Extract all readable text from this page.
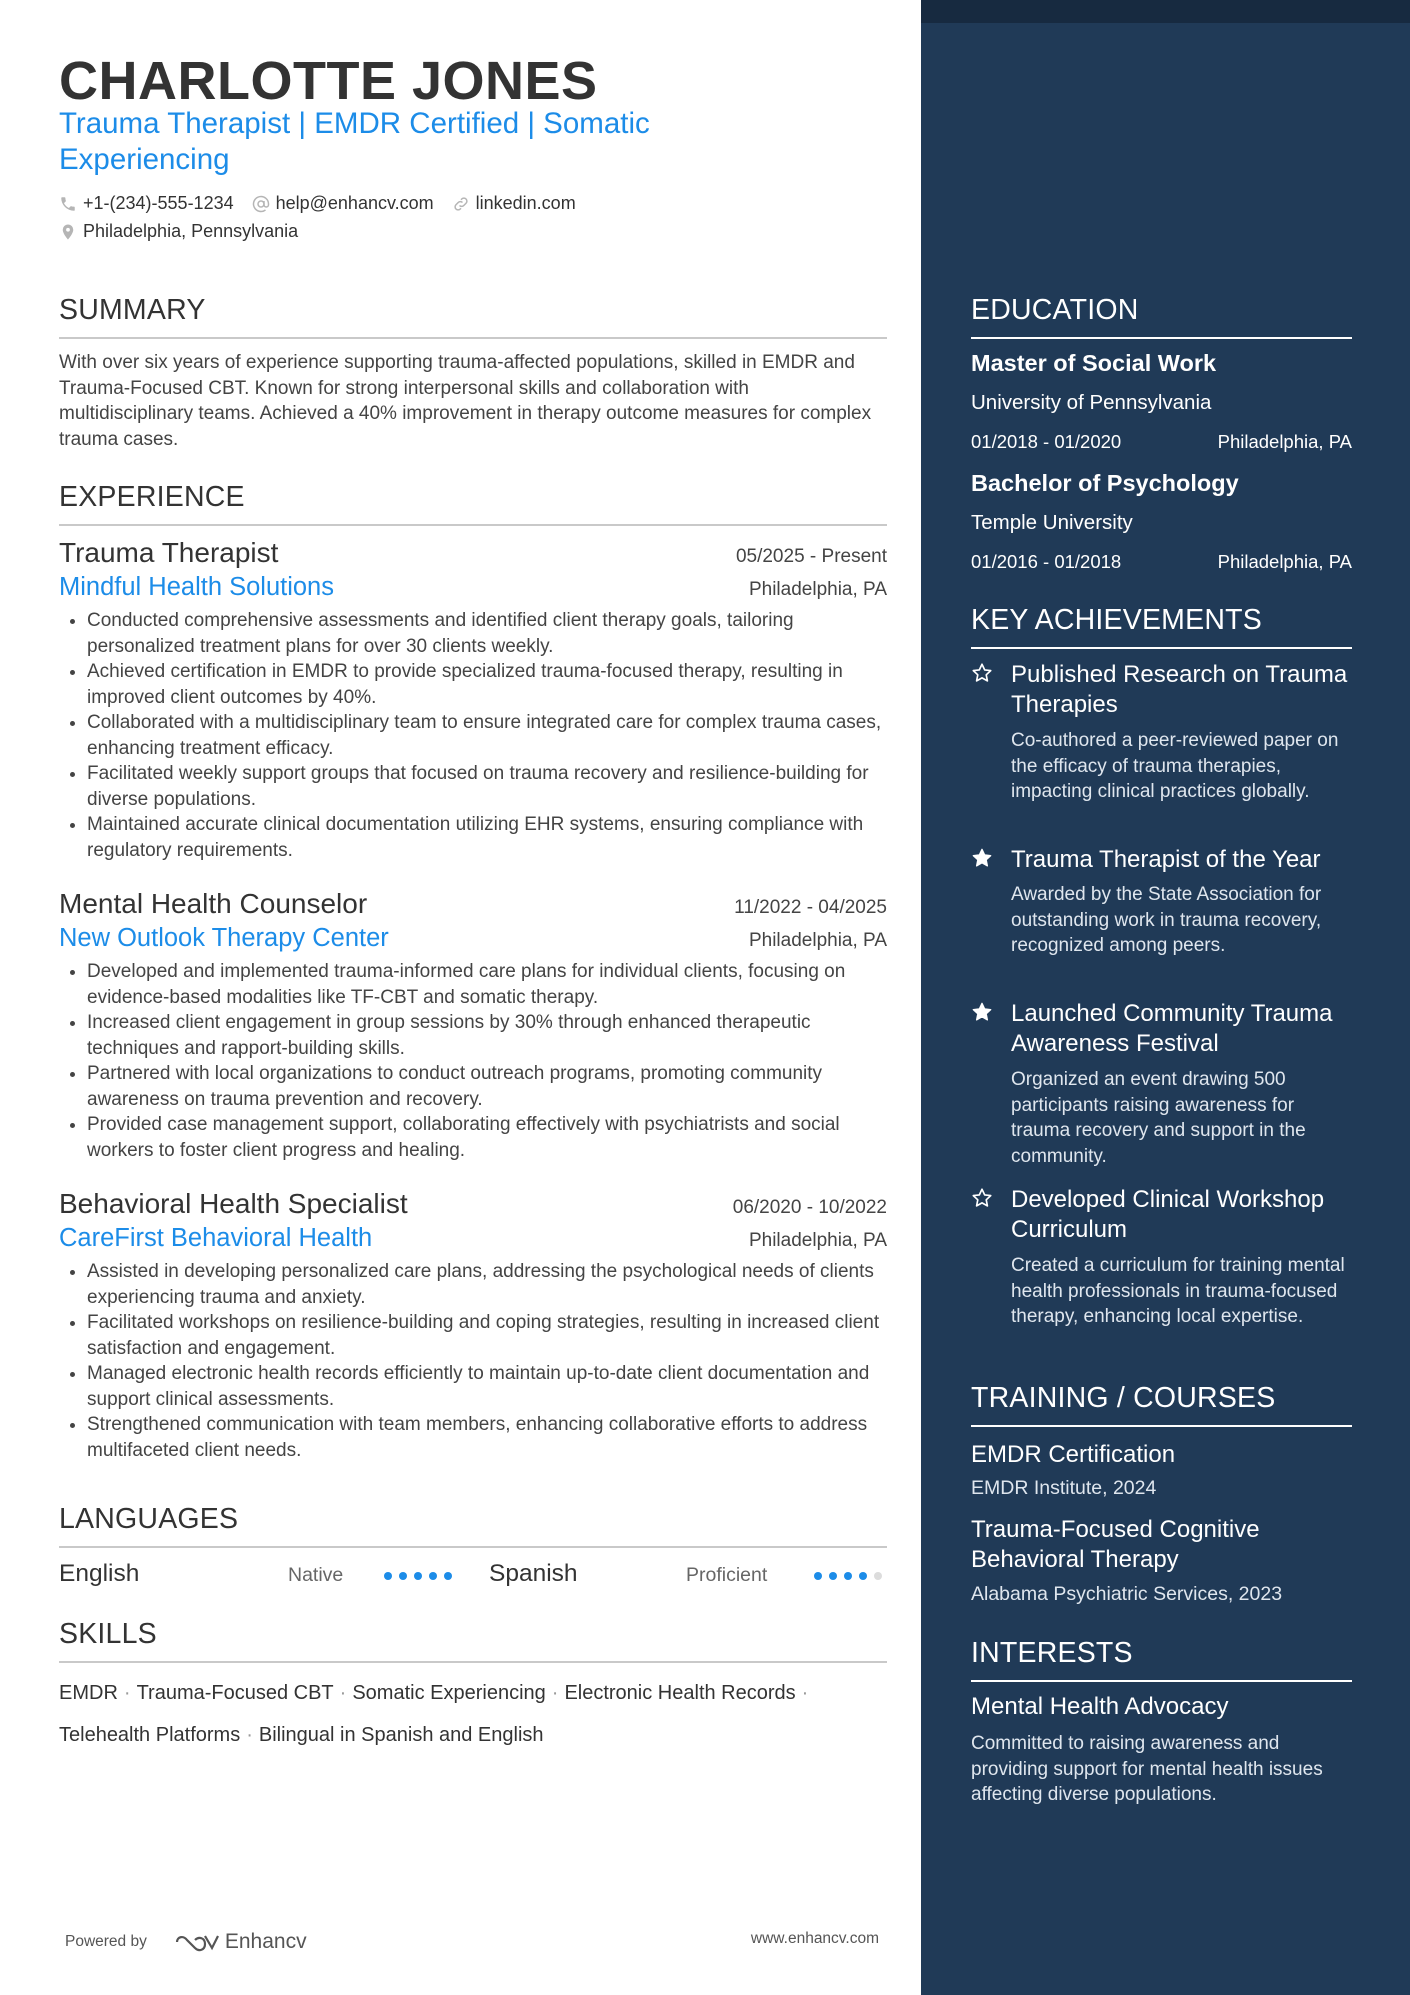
CHARLOTTE JONES
Trauma Therapist | EMDR Certified | Somatic Experiencing
+1-(234)-555-1234 help@enhancv.com linkedin.com
Philadelphia, Pennsylvania
SUMMARY

With over six years of experience supporting trauma-affected populations, skilled in EMDR and Trauma-Focused CBT. Known for strong interpersonal skills and collaboration with multidisciplinary teams. Achieved a 40% improvement in therapy outcome measures for complex trauma cases.

EXPERIENCE
Trauma Therapist	05/2025 - Present
Mindful Health Solutions	Philadelphia, PA
• Conducted comprehensive assessments and identified client therapy goals, tailoring personalized treatment plans for over 30 clients weekly.
• Achieved certification in EMDR to provide specialized trauma-focused therapy, resulting in improved client outcomes by 40%.
• Collaborated with a multidisciplinary team to ensure integrated care for complex trauma cases, enhancing treatment efficacy.
• Facilitated weekly support groups that focused on trauma recovery and resilience-building for diverse populations.
• Maintained accurate clinical documentation utilizing EHR systems, ensuring compliance with regulatory requirements.
Mental Health Counselor	11/2022 - 04/2025
New Outlook Therapy Center	Philadelphia, PA
• Developed and implemented trauma-informed care plans for individual clients, focusing on evidence-based modalities like TF-CBT and somatic therapy.
• Increased client engagement in group sessions by 30% through enhanced therapeutic techniques and rapport-building skills.
• Partnered with local organizations to conduct outreach programs, promoting community awareness on trauma prevention and recovery.
• Provided case management support, collaborating effectively with psychiatrists and social workers to foster client progress and healing.
Behavioral Health Specialist	06/2020 - 10/2022
CareFirst Behavioral Health	Philadelphia, PA
• Assisted in developing personalized care plans, addressing the psychological needs of clients experiencing trauma and anxiety.
• Facilitated workshops on resilience-building and coping strategies, resulting in increased client satisfaction and engagement.
• Managed electronic health records efficiently to maintain up-to-date client documentation and support clinical assessments.
• Strengthened communication with team members, enhancing collaborative efforts to address multifaceted client needs.
LANGUAGES
English	Native	Spanish	Proficient
SKILLS
EMDR · Trauma-Focused CBT · Somatic Experiencing · Electronic Health Records ·
Telehealth Platforms · Bilingual in Spanish and English
Powered by	Enhancv	www.enhancv.com
EDUCATION
Master of Social Work
University of Pennsylvania
01/2018 - 01/2020	Philadelphia, PA
Bachelor of Psychology
Temple University
01/2016 - 01/2018	Philadelphia, PA
KEY ACHIEVEMENTS
Published Research on Trauma Therapies
Co-authored a peer-reviewed paper on the efficacy of trauma therapies, impacting clinical practices globally.
Trauma Therapist of the Year
Awarded by the State Association for outstanding work in trauma recovery, recognized among peers.
Launched Community Trauma Awareness Festival
Organized an event drawing 500 participants raising awareness for trauma recovery and support in the community.
Developed Clinical Workshop Curriculum
Created a curriculum for training mental health professionals in trauma-focused therapy, enhancing local expertise.
TRAINING / COURSES
EMDR Certification
EMDR Institute, 2024
Trauma-Focused Cognitive Behavioral Therapy
Alabama Psychiatric Services, 2023
INTERESTS
Mental Health Advocacy
Committed to raising awareness and providing support for mental health issues affecting diverse populations.
